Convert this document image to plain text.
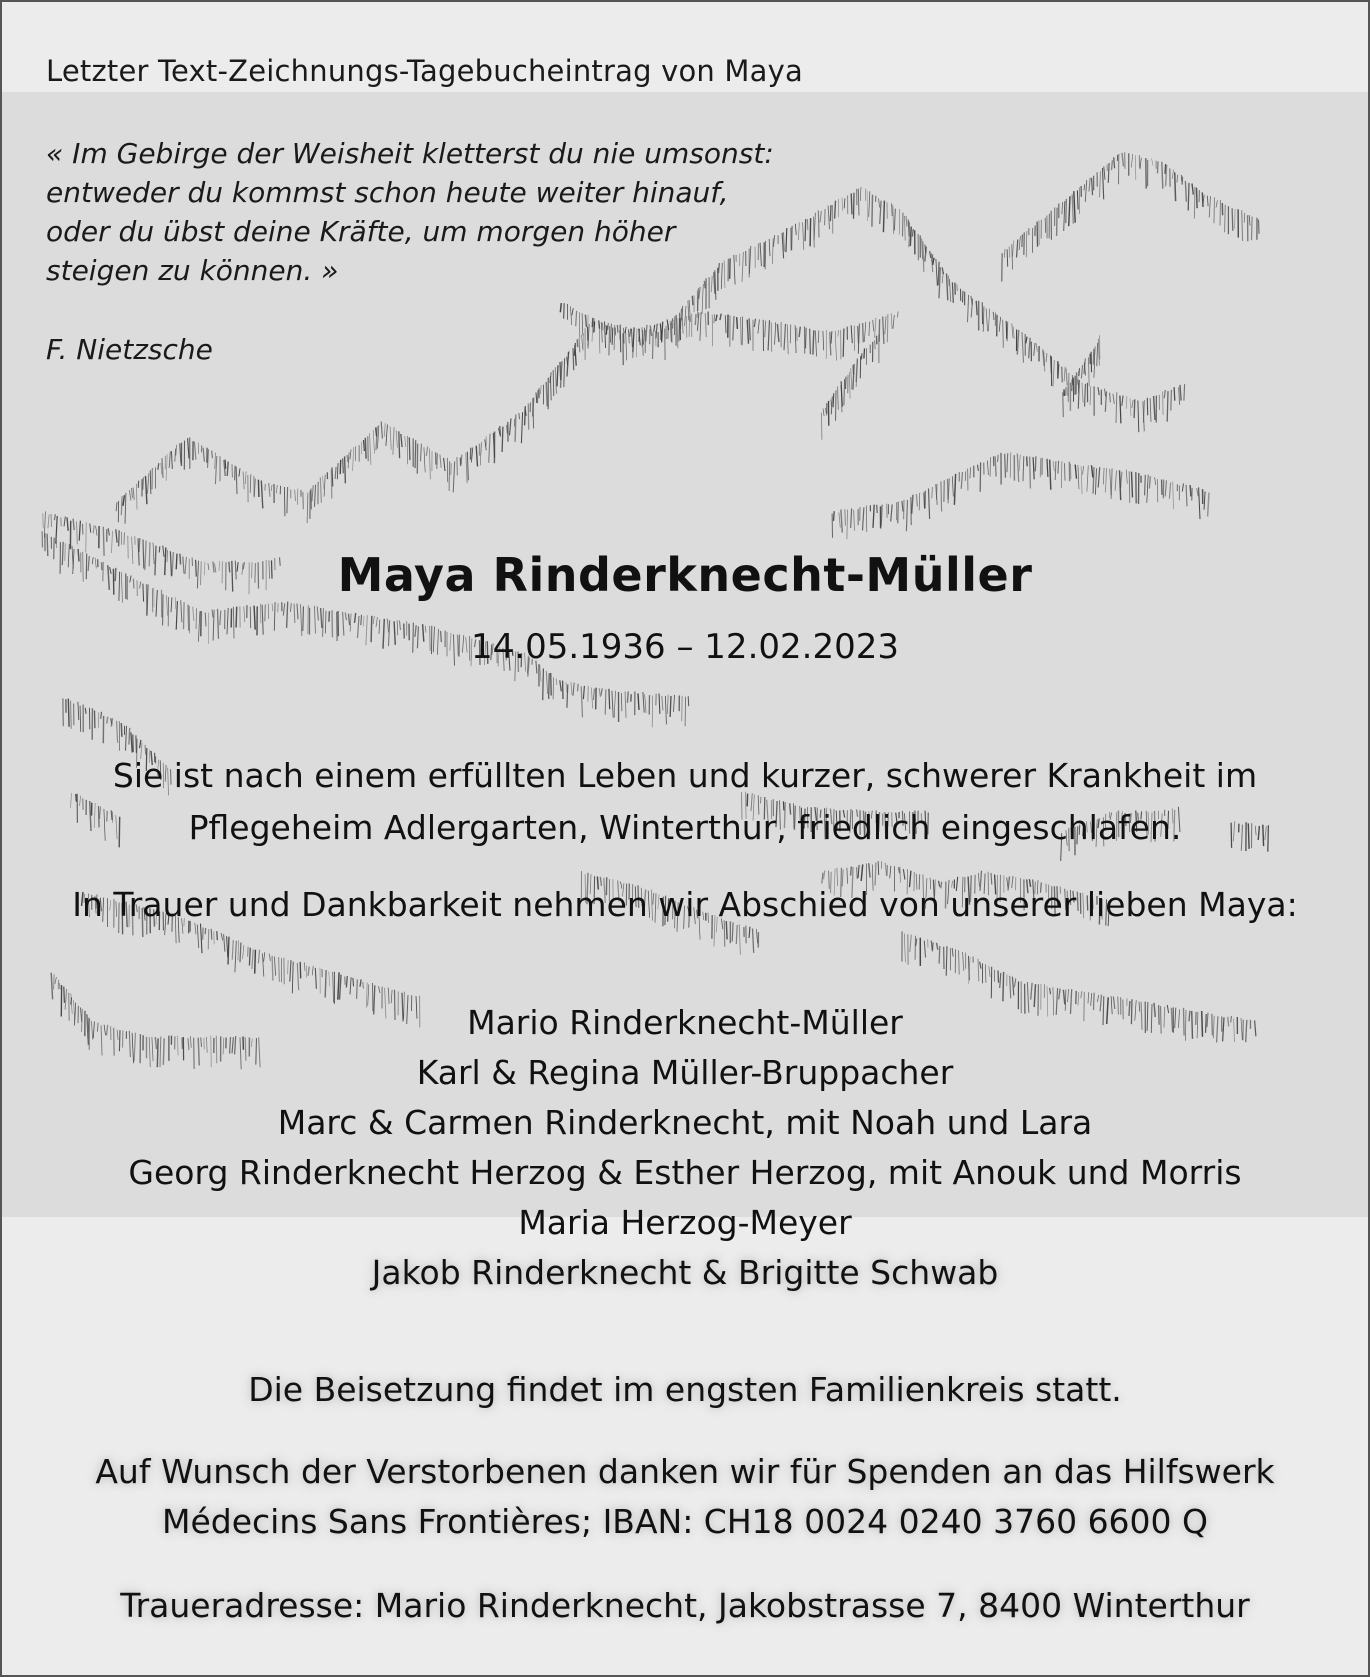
Letzter Text-Zeichnungs-Tagebucheintrag von Maya

« Im Gebirge der Weisheit kletterst du nie umsonst:

entweder du kommst schon heute weiter hinauf,

oder du übst deine Kräfte, um morgen höher

steigen zu können. »

F. Nietzsche

Maya Rinderknecht-Müller
14.05.1936 – 12.02.2023

Sie ist nach einem erfüllten Leben und kurzer, schwerer Krankheit im

Pflegeheim Adlergarten, Winterthur, friedlich eingeschlafen.

In Trauer und Dankbarkeit nehmen wir Abschied von unserer lieben Maya:
Mario Rinderknecht-Müller
Karl & Regina Müller-Bruppacher
Marc & Carmen Rinderknecht, mit Noah und Lara
Georg Rinderknecht Herzog & Esther Herzog, mit Anouk und Morris
Maria Herzog-Meyer
Jakob Rinderknecht & Brigitte Schwab
Die Beisetzung findet im engsten Familienkreis statt.

Auf Wunsch der Verstorbenen danken wir für Spenden an das Hilfswerk

Médecins Sans Frontières; IBAN: CH18 0024 0240 3760 6600 Q

Traueradresse: Mario Rinderknecht, Jakobstrasse 7, 8400 Winterthur
